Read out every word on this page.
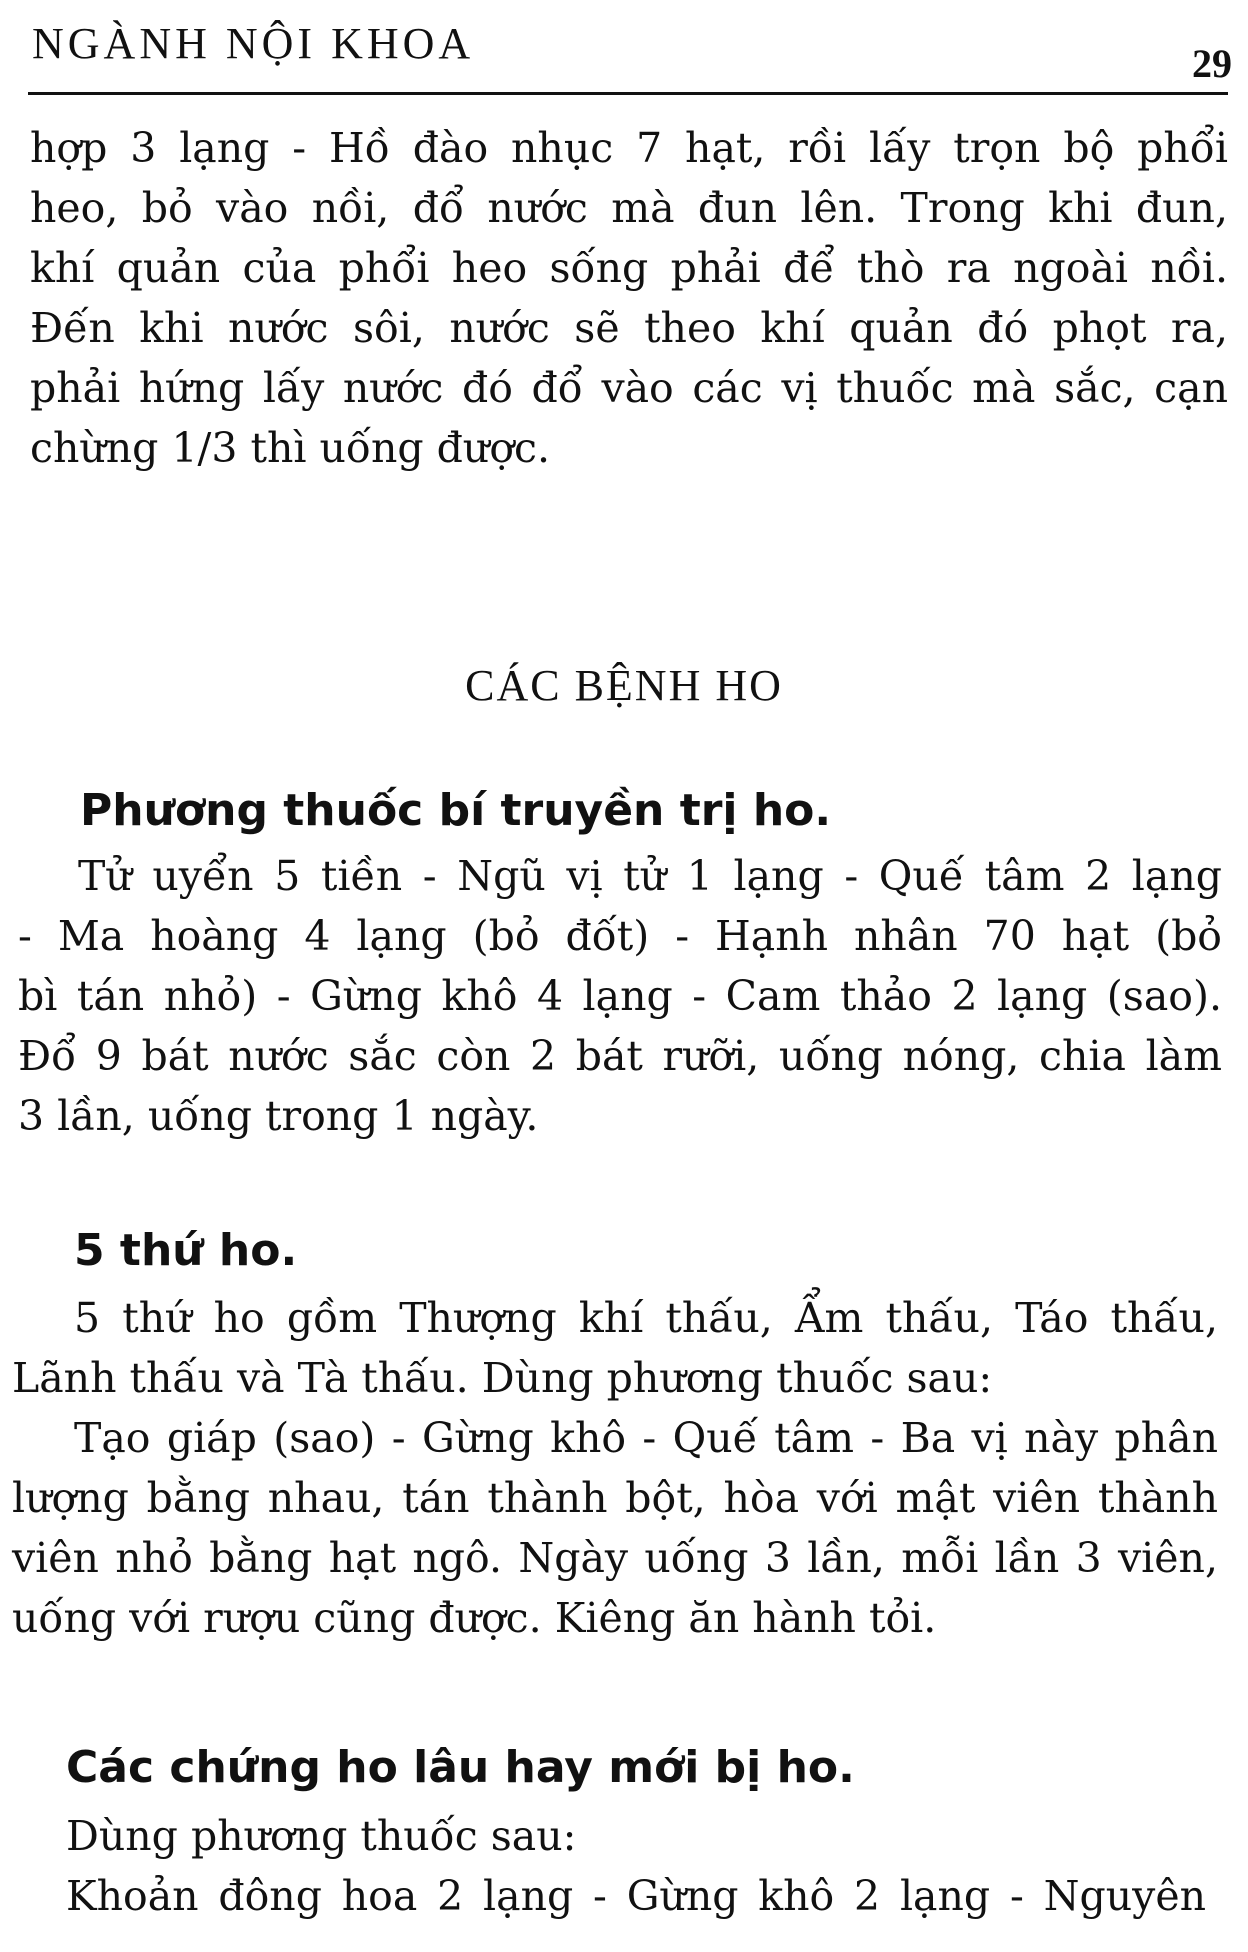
NGÀNH NỘI KHOA	29
hợp 3 lạng - Hồ đào nhục 7 hạt, rồi lấy trọn bộ phổi
heo, bỏ vào nồi, đổ nước mà đun lên. Trong khi đun,
khí quản của phổi heo sống phải để thò ra ngoài nồi.
Đến khi nước sôi, nước sẽ theo khí quản đó phọt ra,
phải hứng lấy nước đó đổ vào các vị thuốc mà sắc, cạn
chừng 1/3 thì uống được.
CÁC BỆNH HO
Phương thuốc bí truyền trị ho.
Tử uyển 5 tiền - Ngũ vị tử 1 lạng - Quế tâm 2 lạng
- Ma hoàng 4 lạng (bỏ đốt) - Hạnh nhân 70 hạt (bỏ
bì tán nhỏ) - Gừng khô 4 lạng - Cam thảo 2 lạng (sao).
Đổ 9 bát nước sắc còn 2 bát rưỡi, uống nóng, chia làm
3 lần, uống trong 1 ngày.
5 thứ ho.
5 thứ ho gồm Thượng khí thấu, Ẩm thấu, Táo thấu,
Lãnh thấu và Tà thấu. Dùng phương thuốc sau:
Tạo giáp (sao) - Gừng khô - Quế tâm - Ba vị này phân
lượng bằng nhau, tán thành bột, hòa với mật viên thành
viên nhỏ bằng hạt ngô. Ngày uống 3 lần, mỗi lần 3 viên,
uống với rượu cũng được. Kiêng ăn hành tỏi.
Các chứng ho lâu hay mới bị ho.
Dùng phương thuốc sau:
Khoản đông hoa 2 lạng - Gừng khô 2 lạng - Nguyên
